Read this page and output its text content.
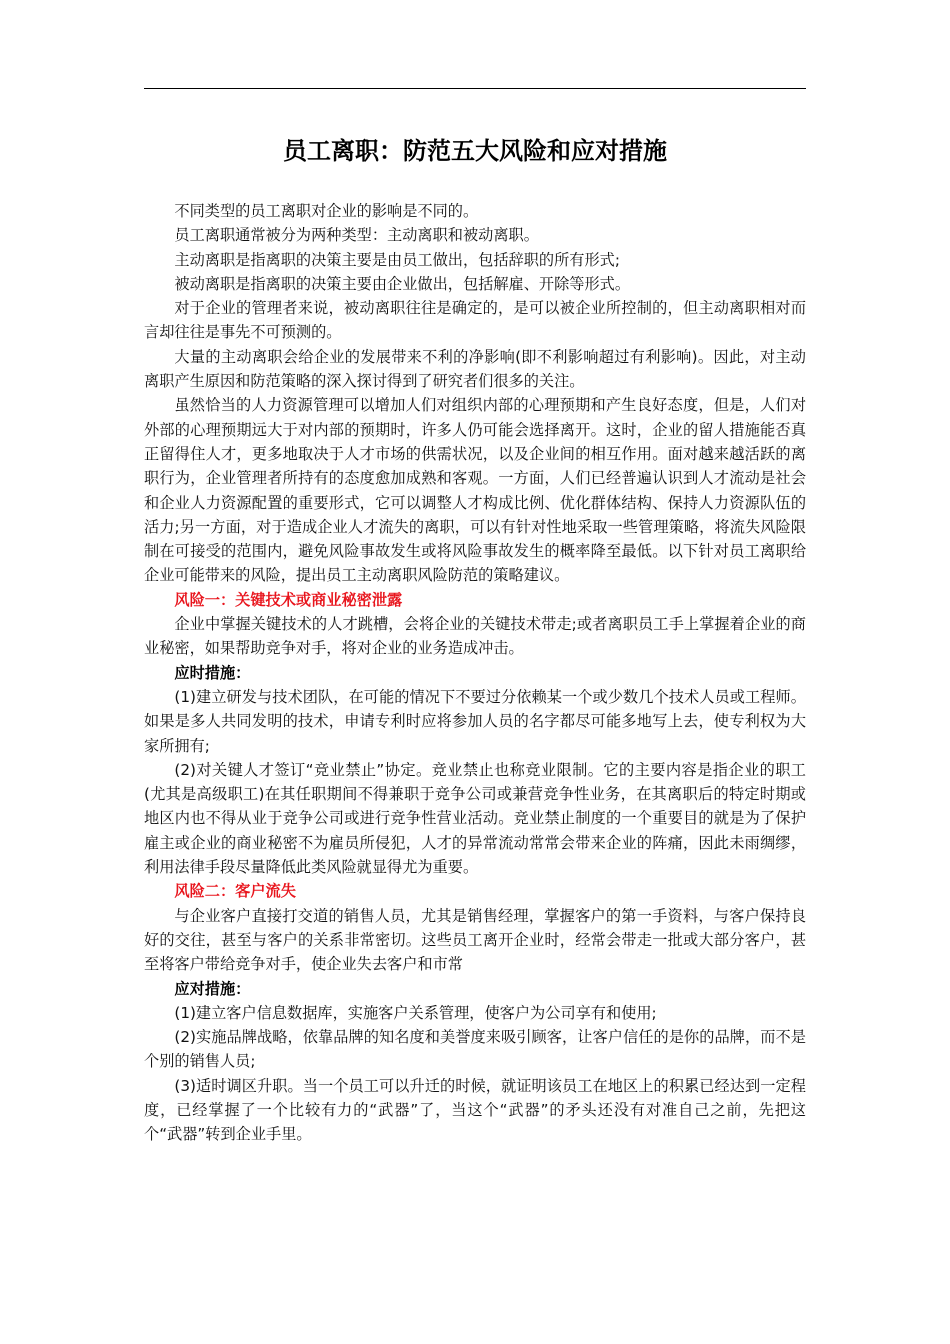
员工离职：防范五大风险和应对措施

不同类型的员工离职对企业的影响是不同的。

员工离职通常被分为两种类型：主动离职和被动离职。

主动离职是指离职的决策主要是由员工做出，包括辞职的所有形式;

被动离职是指离职的决策主要由企业做出，包括解雇、开除等形式。

对于企业的管理者来说，被动离职往往是确定的，是可以被企业所控制的，但主动离职相对而言却往往是事先不可预测的。

大量的主动离职会给企业的发展带来不利的净影响(即不利影响超过有利影响)。因此，对主动离职产生原因和防范策略的深入探讨得到了研究者们很多的关注。

虽然恰当的人力资源管理可以增加人们对组织内部的心理预期和产生良好态度，但是，人们对外部的心理预期远大于对内部的预期时，许多人仍可能会选择离开。这时，企业的留人措施能否真正留得住人才，更多地取决于人才市场的供需状况，以及企业间的相互作用。面对越来越活跃的离职行为，企业管理者所持有的态度愈加成熟和客观。一方面，人们已经普遍认识到人才流动是社会和企业人力资源配置的重要形式，它可以调整人才构成比例、优化群体结构、保持人力资源队伍的活力;另一方面，对于造成企业人才流失的离职，可以有针对性地采取一些管理策略，将流失风险限制在可接受的范围内，避免风险事故发生或将风险事故发生的概率降至最低。以下针对员工离职给企业可能带来的风险，提出员工主动离职风险防范的策略建议。

风险一：关键技术或商业秘密泄露

企业中掌握关键技术的人才跳槽，会将企业的关键技术带走;或者离职员工手上掌握着企业的商业秘密，如果帮助竞争对手，将对企业的业务造成冲击。

应时措施：

(1)建立研发与技术团队，在可能的情况下不要过分依赖某一个或少数几个技术人员或工程师。如果是多人共同发明的技术，申请专利时应将参加人员的名字都尽可能多地写上去，使专利权为大家所拥有;

(2)对关键人才签订“竞业禁止”协定。竞业禁止也称竞业限制。它的主要内容是指企业的职工(尤其是高级职工)在其任职期间不得兼职于竞争公司或兼营竞争性业务，在其离职后的特定时期或地区内也不得从业于竞争公司或进行竞争性营业活动。竞业禁止制度的一个重要目的就是为了保护雇主或企业的商业秘密不为雇员所侵犯，人才的异常流动常常会带来企业的阵痛，因此未雨绸缪，利用法律手段尽量降低此类风险就显得尤为重要。

风险二：客户流失

与企业客户直接打交道的销售人员，尤其是销售经理，掌握客户的第一手资料，与客户保持良好的交往，甚至与客户的关系非常密切。这些员工离开企业时，经常会带走一批或大部分客户，甚至将客户带给竞争对手，使企业失去客户和市常

应对措施：

(1)建立客户信息数据库，实施客户关系管理，使客户为公司享有和使用;

(2)实施品牌战略，依靠品牌的知名度和美誉度来吸引顾客，让客户信任的是你的品牌，而不是个别的销售人员;

(3)适时调区升职。当一个员工可以升迁的时候，就证明该员工在地区上的积累已经达到一定程度，已经掌握了一个比较有力的“武器”了，当这个“武器”的矛头还没有对准自己之前，先把这个“武器”转到企业手里。
